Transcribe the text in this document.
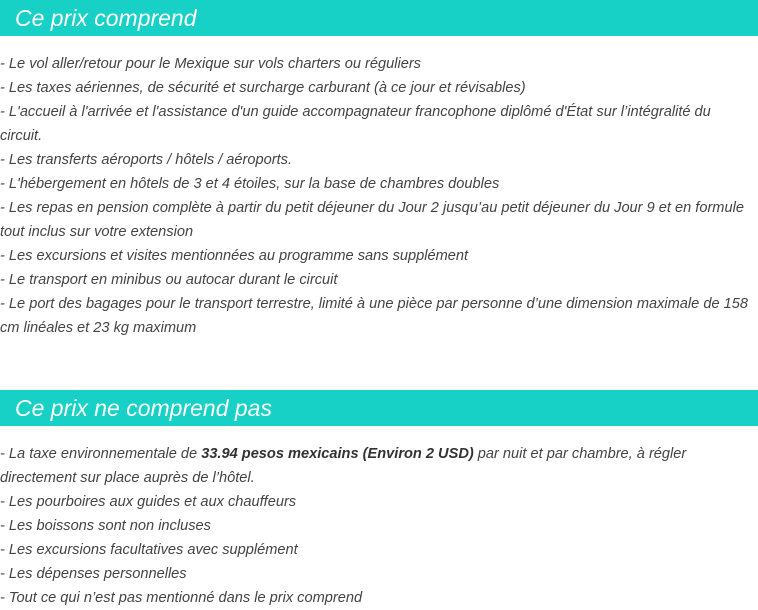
Ce prix comprend
- Le vol aller/retour pour le Mexique sur vols charters ou réguliers
- Les taxes aériennes, de sécurité et surcharge carburant (à ce jour et révisables)
- L'accueil à l'arrivée et l'assistance d'un guide accompagnateur francophone diplômé d'État sur l’intégralité du circuit.
- Les transferts aéroports / hôtels / aéroports.
- L'hébergement en hôtels de 3 et 4 étoiles, sur la base de chambres doubles
- Les repas en pension complète à partir du petit déjeuner du Jour 2 jusqu’au petit déjeuner du Jour 9 et en formule tout inclus sur votre extension
- Les excursions et visites mentionnées au programme sans supplément
- Le transport en minibus ou autocar durant le circuit
- Le port des bagages pour le transport terrestre, limité à une pièce par personne d’une dimension maximale de 158 cm linéales et 23 kg maximum
Ce prix ne comprend pas
- La taxe environnementale de 33.94 pesos mexicains (Environ 2 USD) par nuit et par chambre, à régler directement sur place auprès de l’hôtel.
- Les pourboires aux guides et aux chauffeurs
- Les boissons sont non incluses
- Les excursions facultatives avec supplément
- Les dépenses personnelles
- Tout ce qui n’est pas mentionné dans le prix comprend
